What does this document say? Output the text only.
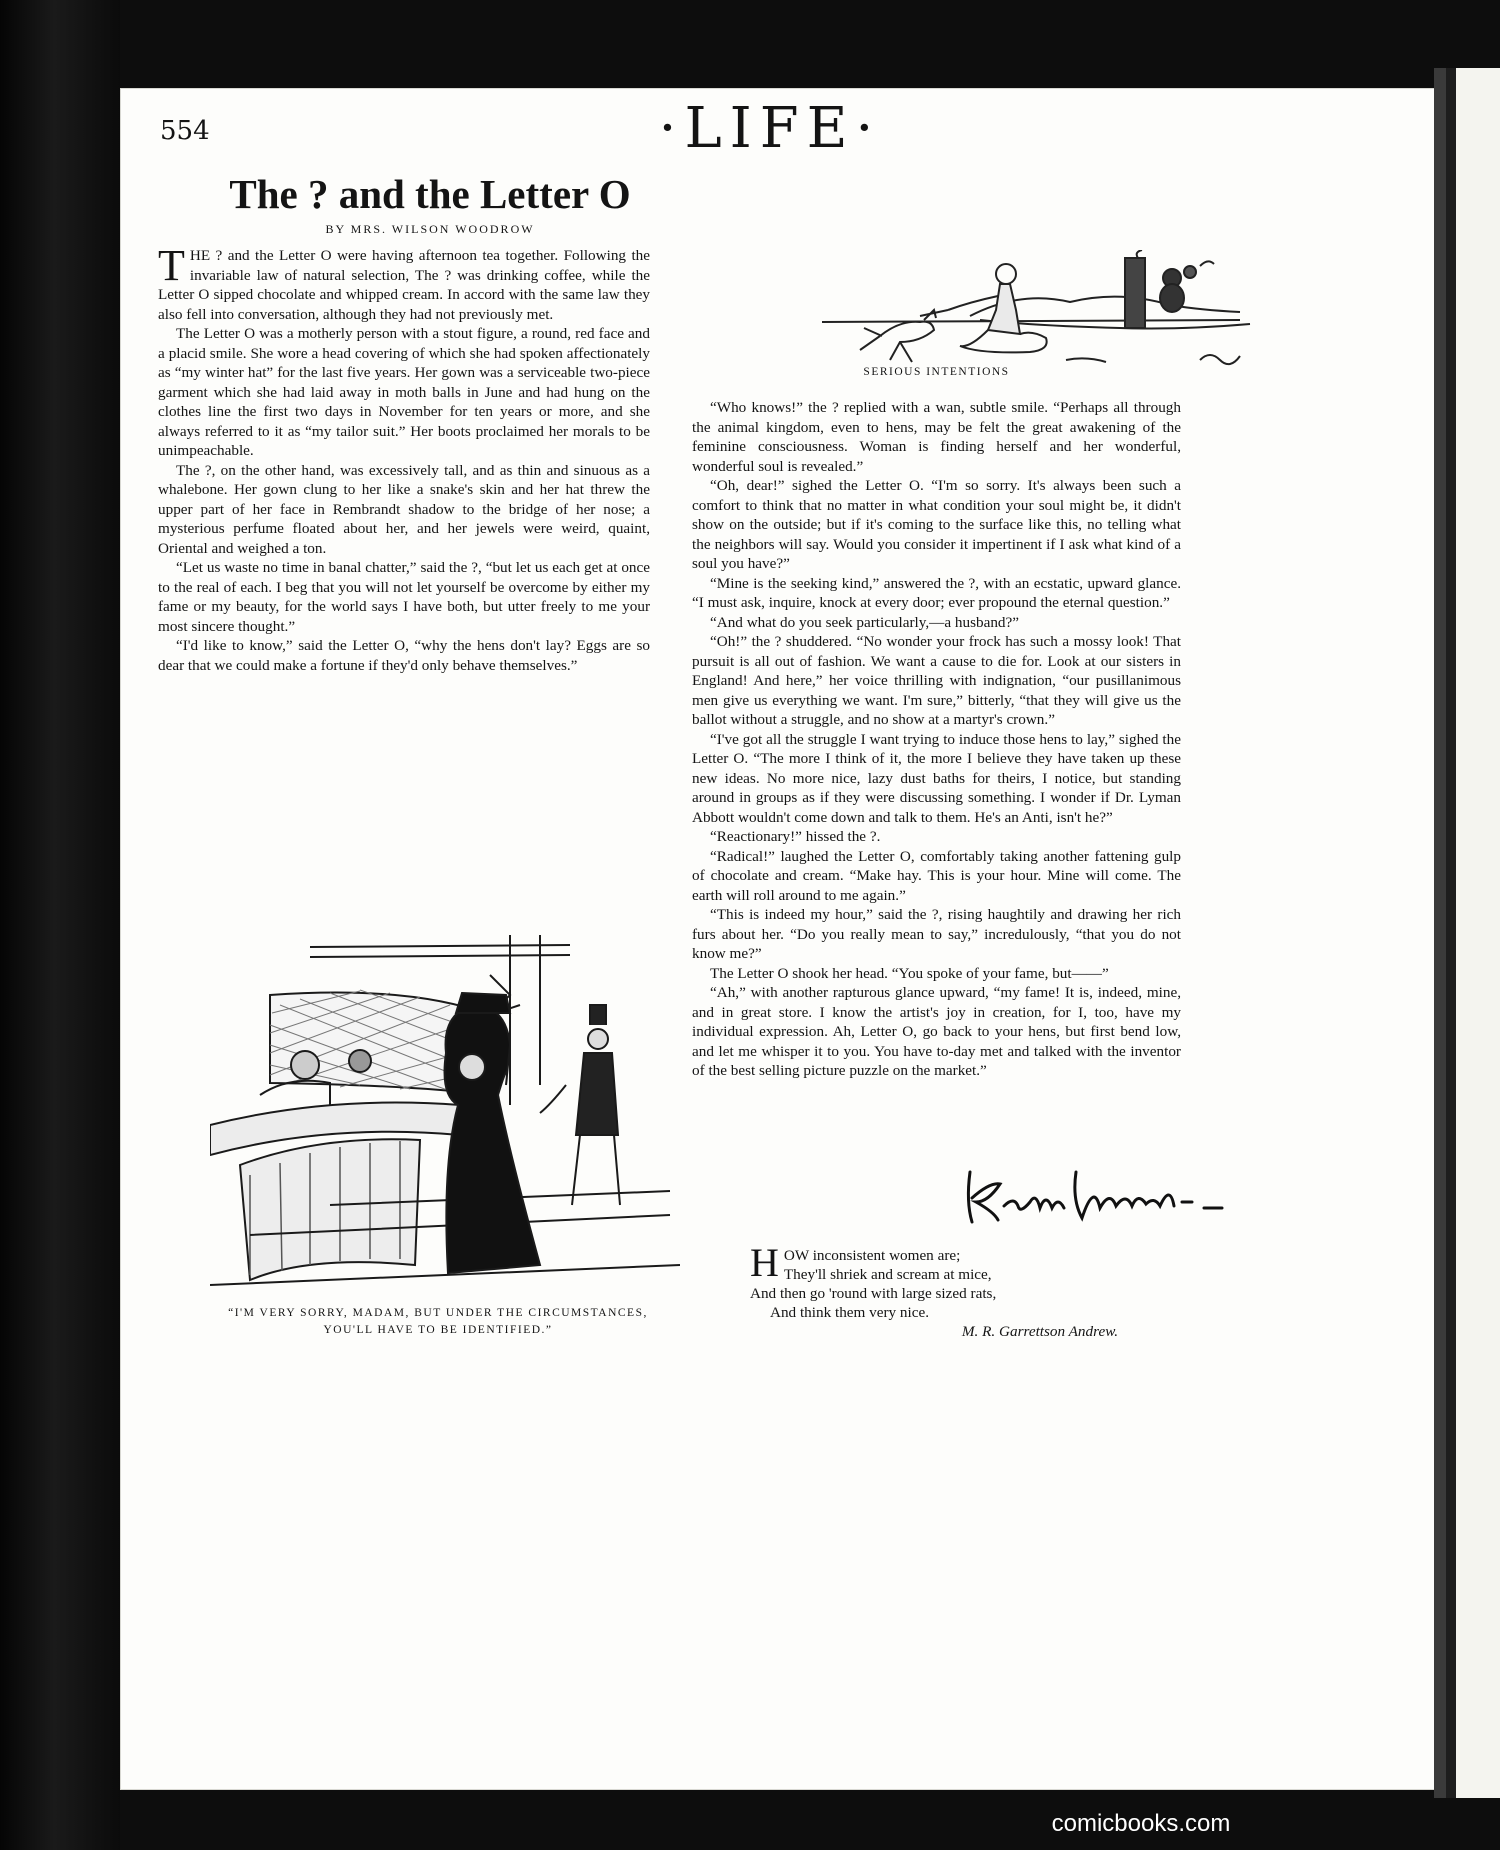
554	·LIFE·
The ? and the Letter O
BY MRS. WILSON WOODROW

THE ? and the Letter O were having afternoon tea together. Following the invariable law of natural selection, The ? was drinking coffee, while the Letter O sipped chocolate and whipped cream. In accord with the same law they also fell into conversation, although they had not previously met.

The Letter O was a motherly person with a stout figure, a round, red face and a placid smile. She wore a head covering of which she had spoken affectionately as “my winter hat” for the last five years. Her gown was a serviceable two-piece garment which she had laid away in moth balls in June and had hung on the clothes line the first two days in November for ten years or more, and she always referred to it as “my tailor suit.” Her boots proclaimed her morals to be unimpeachable.

The ?, on the other hand, was excessively tall, and as thin and sinuous as a whalebone. Her gown clung to her like a snake's skin and her hat threw the upper part of her face in Rembrandt shadow to the bridge of her nose; a mysterious perfume floated about her, and her jewels were weird, quaint, Oriental and weighed a ton.

“Let us waste no time in banal chatter,” said the ?, “but let us each get at once to the real of each. I beg that you will not let yourself be overcome by either my fame or my beauty, for the world says I have both, but utter freely to me your most sincere thought.”

“I'd like to know,” said the Letter O, “why the hens don't lay? Eggs are so dear that we could make a fortune if they'd only behave themselves.”

SERIOUS INTENTIONS

“Who knows!” the ? replied with a wan, subtle smile. “Perhaps all through the animal kingdom, even to hens, may be felt the great awakening of the feminine consciousness. Woman is finding herself and her wonderful, wonderful soul is revealed.”

“Oh, dear!” sighed the Letter O. “I'm so sorry. It's always been such a comfort to think that no matter in what condition your soul might be, it didn't show on the outside; but if it's coming to the surface like this, no telling what the neighbors will say. Would you consider it impertinent if I ask what kind of a soul you have?”

“Mine is the seeking kind,” answered the ?, with an ecstatic, upward glance. “I must ask, inquire, knock at every door; ever propound the eternal question.”

“And what do you seek particularly,—a husband?”

“Oh!” the ? shuddered. “No wonder your frock has such a mossy look! That pursuit is all out of fashion. We want a cause to die for. Look at our sisters in England! And here,” her voice thrilling with indignation, “our pusillanimous men give us everything we want. I'm sure,” bitterly, “that they will give us the ballot without a struggle, and no show at a martyr's crown.”

“I've got all the struggle I want trying to induce those hens to lay,” sighed the Letter O. “The more I think of it, the more I believe they have taken up these new ideas. No more nice, lazy dust baths for theirs, I notice, but standing around in groups as if they were discussing something. I wonder if Dr. Lyman Abbott wouldn't come down and talk to them. He's an Anti, isn't he?”

“Reactionary!” hissed the ?.

“Radical!” laughed the Letter O, comfortably taking another fattening gulp of chocolate and cream. “Make hay. This is your hour. Mine will come. The earth will roll around to me again.”

“This is indeed my hour,” said the ?, rising haughtily and drawing her rich furs about her. “Do you really mean to say,” incredulously, “that you do not know me?”

The Letter O shook her head. “You spoke of your fame, but——”

“Ah,” with another rapturous glance upward, “my fame! It is, indeed, mine, and in great store. I know the artist's joy in creation, for I, too, have my individual expression. Ah, Letter O, go back to your hens, but first bend low, and let me whisper it to you. You have to-day met and talked with the inventor of the best selling picture puzzle on the market.”

“I'M VERY SORRY, MADAM, BUT UNDER THE CIRCUMSTANCES,
YOU'LL HAVE TO BE IDENTIFIED.”
HOW inconsistent women are;
They'll shriek and scream at mice,
And then go 'round with large sized rats,
And think them very nice.
M. R. Garrettson Andrew.
comicbooks.com
